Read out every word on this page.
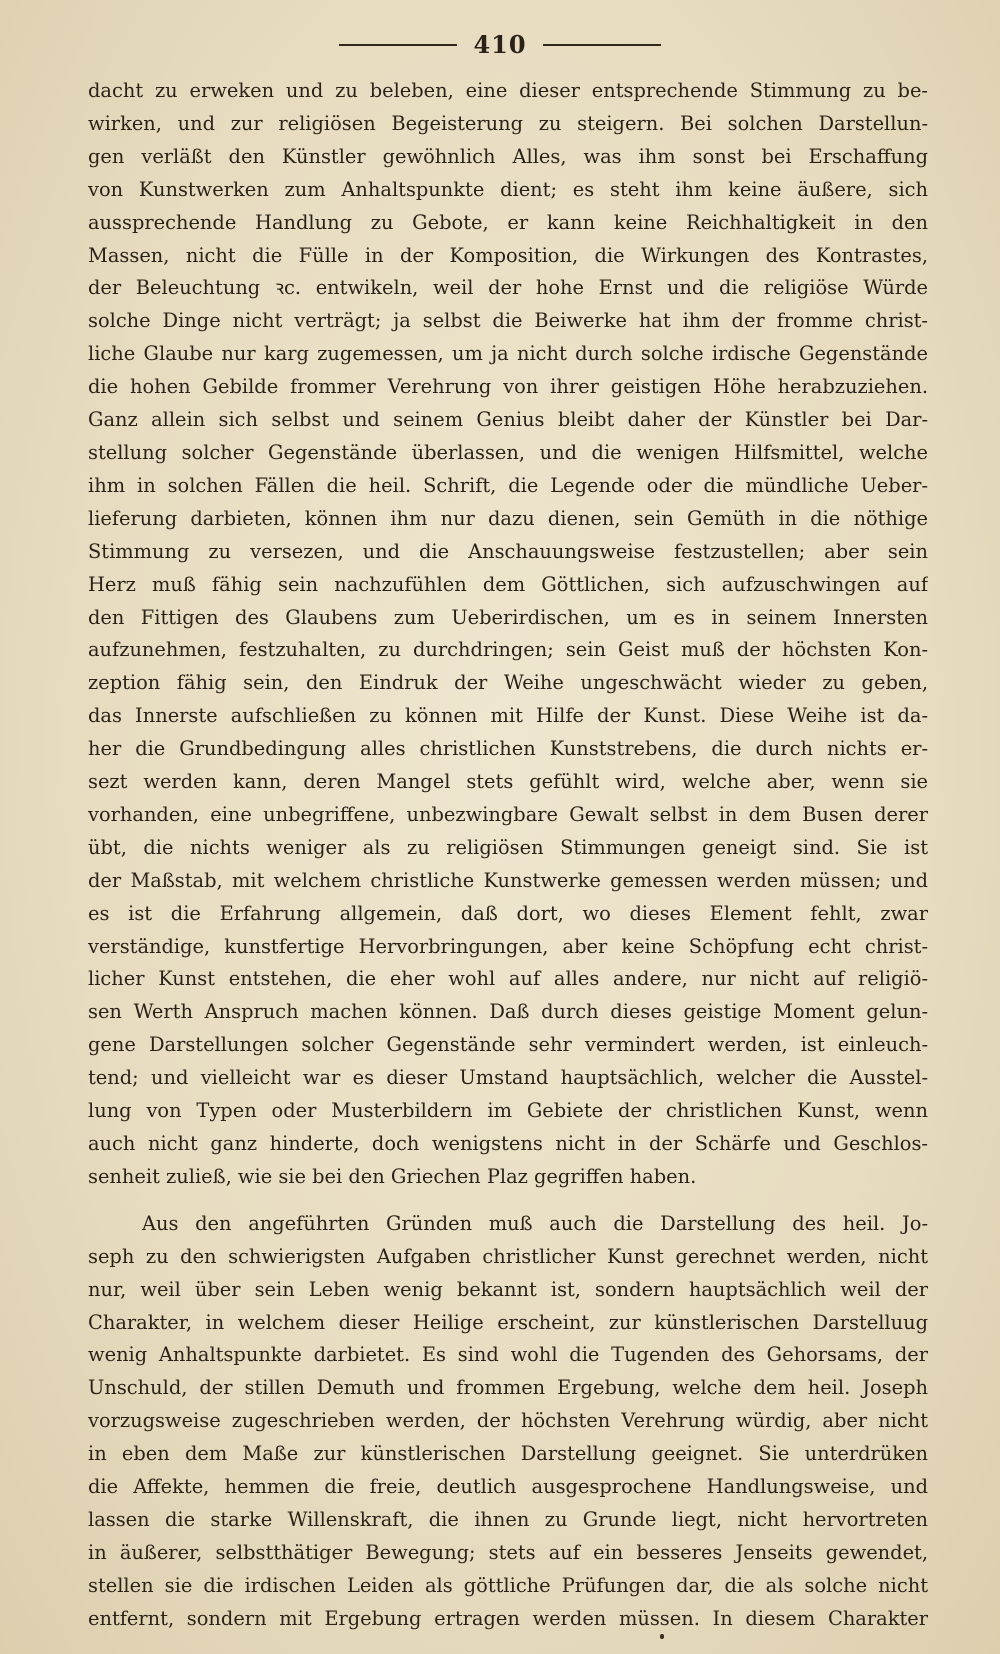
410
dacht zu erweken und zu beleben, eine dieser entsprechende Stimmung zu be-
wirken, und zur religiösen Begeisterung zu steigern. Bei solchen Darstellun-
gen verläßt den Künstler gewöhnlich Alles, was ihm sonst bei Erschaffung
von Kunstwerken zum Anhaltspunkte dient; es steht ihm keine äußere, sich
aussprechende Handlung zu Gebote, er kann keine Reichhaltigkeit in den
Massen, nicht die Fülle in der Komposition, die Wirkungen des Kontrastes,
der Beleuchtung ꝛc. entwikeln, weil der hohe Ernst und die religiöse Würde
solche Dinge nicht verträgt; ja selbst die Beiwerke hat ihm der fromme christ-
liche Glaube nur karg zugemessen, um ja nicht durch solche irdische Gegenstände
die hohen Gebilde frommer Verehrung von ihrer geistigen Höhe herabzuziehen.
Ganz allein sich selbst und seinem Genius bleibt daher der Künstler bei Dar-
stellung solcher Gegenstände überlassen, und die wenigen Hilfsmittel, welche
ihm in solchen Fällen die heil. Schrift, die Legende oder die mündliche Ueber-
lieferung darbieten, können ihm nur dazu dienen, sein Gemüth in die nöthige
Stimmung zu versezen, und die Anschauungsweise festzustellen; aber sein
Herz muß fähig sein nachzufühlen dem Göttlichen, sich aufzuschwingen auf
den Fittigen des Glaubens zum Ueberirdischen, um es in seinem Innersten
aufzunehmen, festzuhalten, zu durchdringen; sein Geist muß der höchsten Kon-
zeption fähig sein, den Eindruk der Weihe ungeschwächt wieder zu geben,
das Innerste aufschließen zu können mit Hilfe der Kunst. Diese Weihe ist da-
her die Grundbedingung alles christlichen Kunststrebens, die durch nichts er-
sezt werden kann, deren Mangel stets gefühlt wird, welche aber, wenn sie
vorhanden, eine unbegriffene, unbezwingbare Gewalt selbst in dem Busen derer
übt, die nichts weniger als zu religiösen Stimmungen geneigt sind. Sie ist
der Maßstab, mit welchem christliche Kunstwerke gemessen werden müssen; und
es ist die Erfahrung allgemein, daß dort, wo dieses Element fehlt, zwar
verständige, kunstfertige Hervorbringungen, aber keine Schöpfung echt christ-
licher Kunst entstehen, die eher wohl auf alles andere, nur nicht auf religiö-
sen Werth Anspruch machen können. Daß durch dieses geistige Moment gelun-
gene Darstellungen solcher Gegenstände sehr vermindert werden, ist einleuch-
tend; und vielleicht war es dieser Umstand hauptsächlich, welcher die Ausstel-
lung von Typen oder Musterbildern im Gebiete der christlichen Kunst, wenn
auch nicht ganz hinderte, doch wenigstens nicht in der Schärfe und Geschlos-
senheit zuließ, wie sie bei den Griechen Plaz gegriffen haben.
Aus den angeführten Gründen muß auch die Darstellung des heil. Jo-
seph zu den schwierigsten Aufgaben christlicher Kunst gerechnet werden, nicht
nur, weil über sein Leben wenig bekannt ist, sondern hauptsächlich weil der
Charakter, in welchem dieser Heilige erscheint, zur künstlerischen Darstelluug
wenig Anhaltspunkte darbietet. Es sind wohl die Tugenden des Gehorsams, der
Unschuld, der stillen Demuth und frommen Ergebung, welche dem heil. Joseph
vorzugsweise zugeschrieben werden, der höchsten Verehrung würdig, aber nicht
in eben dem Maße zur künstlerischen Darstellung geeignet. Sie unterdrüken
die Affekte, hemmen die freie, deutlich ausgesprochene Handlungsweise, und
lassen die starke Willenskraft, die ihnen zu Grunde liegt, nicht hervortreten
in äußerer, selbstthätiger Bewegung; stets auf ein besseres Jenseits gewendet,
stellen sie die irdischen Leiden als göttliche Prüfungen dar, die als solche nicht
entfernt, sondern mit Ergebung ertragen werden müssen. In diesem Charakter
